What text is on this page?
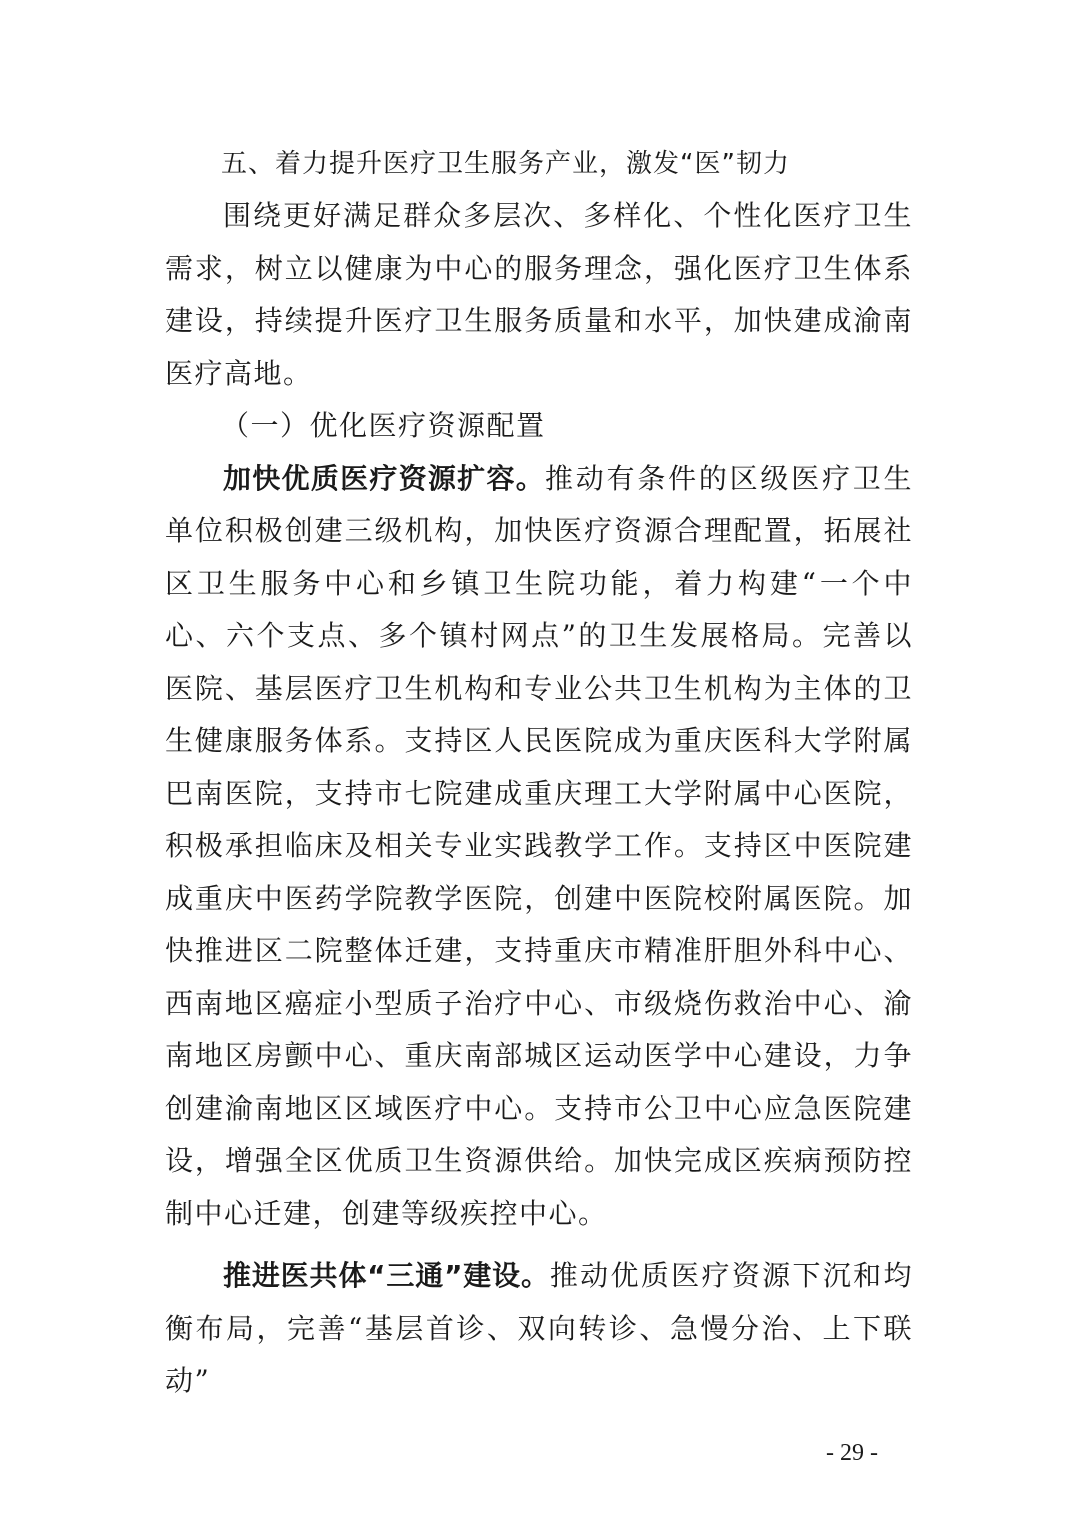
五、着力提升医疗卫生服务产业，激发“医”韧力

围绕更好满足群众多层次、多样化、个性化医疗卫生需求，树立以健康为中心的服务理念，强化医疗卫生体系建设，持续提升医疗卫生服务质量和水平，加快建成渝南医疗高地。

（一）优化医疗资源配置

加快优质医疗资源扩容。推动有条件的区级医疗卫生单位积极创建三级机构，加快医疗资源合理配置，拓展社区卫生服务中心和乡镇卫生院功能，着力构建“一个中心、六个支点、多个镇村网点”的卫生发展格局。完善以医院、基层医疗卫生机构和专业公共卫生机构为主体的卫生健康服务体系。支持区人民医院成为重庆医科大学附属巴南医院，支持市七院建成重庆理工大学附属中心医院，积极承担临床及相关专业实践教学工作。支持区中医院建成重庆中医药学院教学医院，创建中医院校附属医院。加快推进区二院整体迁建，支持重庆市精准肝胆外科中心、西南地区癌症小型质子治疗中心、市级烧伤救治中心、渝南地区房颤中心、重庆南部城区运动医学中心建设，力争创建渝南地区区域医疗中心。支持市公卫中心应急医院建设，增强全区优质卫生资源供给。加快完成区疾病预防控制中心迁建，创建等级疾控中心。

推进医共体“三通”建设。推动优质医疗资源下沉和均衡布局，完善“基层首诊、双向转诊、急慢分治、上下联动”

- 29 -
